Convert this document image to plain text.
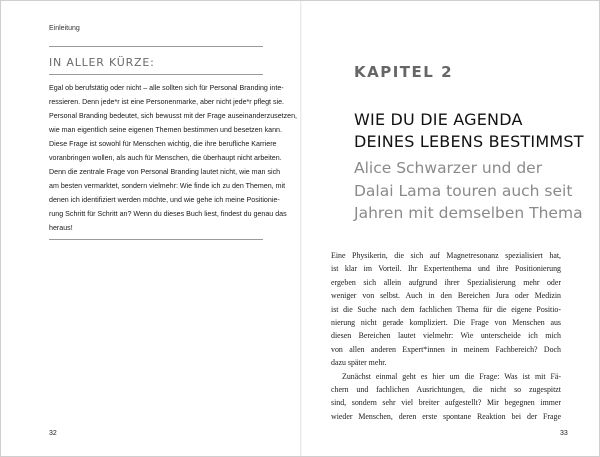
Einleitung
IN ALLER KÜRZE:
Egal ob berufstätig oder nicht – alle sollten sich für Personal Branding inte-
ressieren. Denn jede*r ist eine Personenmarke, aber nicht jede*r pflegt sie.
Personal Branding bedeutet, sich bewusst mit der Frage auseinanderzusetzen,
wie man eigentlich seine eigenen Themen bestimmen und besetzen kann.
Diese Frage ist sowohl für Menschen wichtig, die ihre berufliche Karriere
voranbringen wollen, als auch für Menschen, die überhaupt nicht arbeiten.
Denn die zentrale Frage von Personal Branding lautet nicht, wie man sich
am besten vermarktet, sondern vielmehr: Wie finde ich zu den Themen, mit
denen ich identifiziert werden möchte, und wie gehe ich meine Positionie-
rung Schritt für Schritt an? Wenn du dieses Buch liest, findest du genau das
heraus!
32
KAPITEL 2
WIE DU DIE AGENDA
DEINES LEBENS BESTIMMST
Alice Schwarzer und der
Dalai Lama touren auch seit
Jahren mit demselben Thema
Eine Physikerin, die sich auf Magnetresonanz spezialisiert hat,
ist klar im Vorteil. Ihr Expertenthema und ihre Positionierung
ergeben sich allein aufgrund ihrer Spezialisierung mehr oder
weniger von selbst. Auch in den Bereichen Jura oder Medizin
ist die Suche nach dem fachlichen Thema für die eigene Positio-
nierung nicht gerade kompliziert. Die Frage von Menschen aus
diesen Bereichen lautet vielmehr: Wie unterscheide ich mich
von allen anderen Expert*innen in meinem Fachbereich? Doch
dazu später mehr.
Zunächst einmal geht es hier um die Frage: Was ist mit Fä-
chern und fachlichen Ausrichtungen, die nicht so zugespitzt
sind, sondern sehr viel breiter aufgestellt? Mir begegnen immer
wieder Menschen, deren erste spontane Reaktion bei der Frage
33
